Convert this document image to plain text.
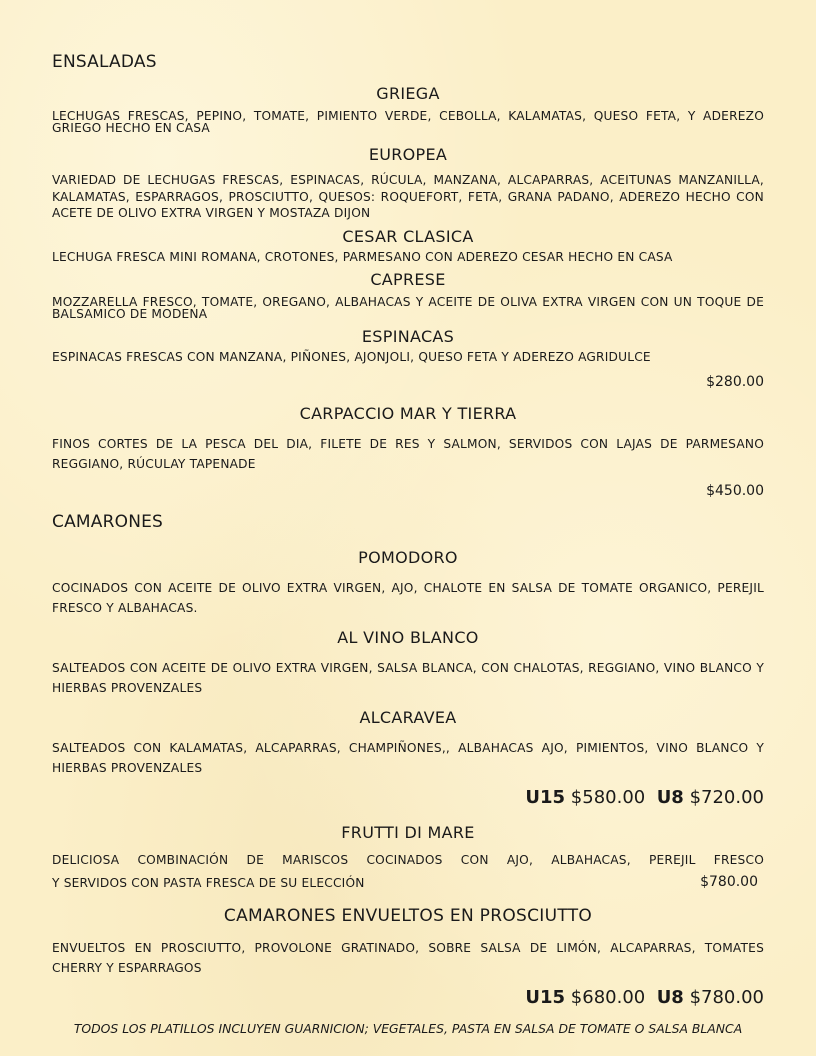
ENSALADAS
GRIEGA
LECHUGAS FRESCAS, PEPINO, TOMATE, PIMIENTO VERDE, CEBOLLA, KALAMATAS, QUESO FETA, Y ADEREZO GRIEGO HECHO EN CASA
EUROPEA
VARIEDAD DE LECHUGAS FRESCAS, ESPINACAS, RÚCULA, MANZANA, ALCAPARRAS, ACEITUNAS MANZANILLA, KALAMATAS, ESPARRAGOS, PROSCIUTTO, QUESOS: ROQUEFORT, FETA, GRANA PADANO, ADEREZO HECHO CON ACETE DE OLIVO EXTRA VIRGEN Y MOSTAZA DIJON
CESAR CLASICA
LECHUGA FRESCA MINI ROMANA, CROTONES, PARMESANO CON ADEREZO CESAR HECHO EN CASA
CAPRESE
MOZZARELLA FRESCO, TOMATE, OREGANO, ALBAHACAS Y ACEITE DE OLIVA EXTRA VIRGEN CON UN TOQUE DE BALSAMICO DE MODENA
ESPINACAS
ESPINACAS FRESCAS CON MANZANA, PIÑONES, AJONJOLI, QUESO FETA Y ADEREZO AGRIDULCE
$280.00
CARPACCIO MAR Y TIERRA
FINOS CORTES DE LA PESCA DEL DIA, FILETE DE RES Y SALMON, SERVIDOS CON LAJAS DE PARMESANO REGGIANO, RÚCULAY TAPENADE
$450.00
CAMARONES
POMODORO
COCINADOS CON ACEITE DE OLIVO EXTRA VIRGEN, AJO, CHALOTE EN SALSA DE TOMATE ORGANICO, PEREJIL FRESCO Y ALBAHACAS.
AL VINO BLANCO
SALTEADOS CON ACEITE DE OLIVO EXTRA VIRGEN, SALSA BLANCA, CON CHALOTAS, REGGIANO, VINO BLANCO Y HIERBAS PROVENZALES
ALCARAVEA
SALTEADOS CON KALAMATAS, ALCAPARRAS, CHAMPIÑONES,, ALBAHACAS AJO, PIMIENTOS, VINO BLANCO Y HIERBAS PROVENZALES
U15 $580.00 U8 $720.00
FRUTTI DI MARE
DELICIOSA COMBINACIÓN DE MARISCOS COCINADOS CON AJO, ALBAHACAS, PEREJIL FRESCO
Y SERVIDOS CON PASTA FRESCA DE SU ELECCIÓN	$780.00
CAMARONES ENVUELTOS EN PROSCIUTTO
ENVUELTOS EN PROSCIUTTO, PROVOLONE GRATINADO, SOBRE SALSA DE LIMÓN, ALCAPARRAS, TOMATES CHERRY Y ESPARRAGOS
U15 $680.00 U8 $780.00
TODOS LOS PLATILLOS INCLUYEN GUARNICION; VEGETALES, PASTA EN SALSA DE TOMATE O SALSA BLANCA
